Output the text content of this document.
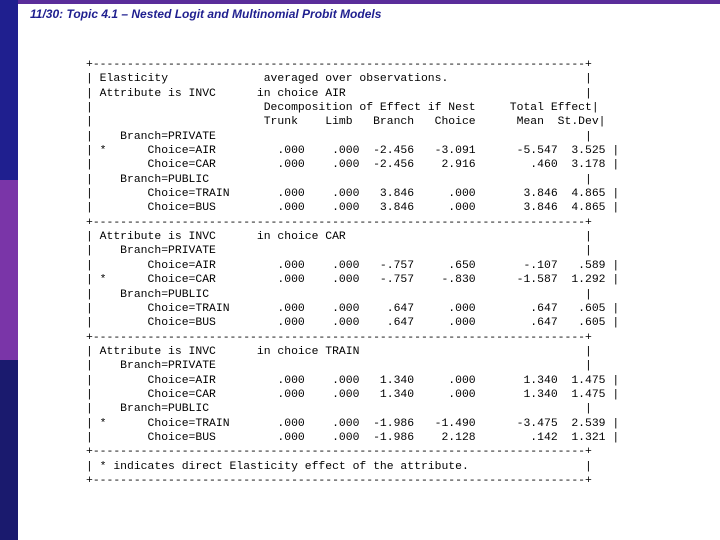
11/30: Topic 4.1 – Nested Logit and Multinomial Probit Models
+------------------------------------------------------------------------+
| Elasticity              averaged over observations.                    |
| Attribute is INVC      in choice AIR                                   |
|                         Decomposition of Effect if Nest     Total Effect|
|                         Trunk    Limb   Branch   Choice      Mean  St.Dev|
|    Branch=PRIVATE                                                      |
| *      Choice=AIR         .000    .000  -2.456   -3.091      -5.547  3.525 |
|        Choice=CAR         .000    .000  -2.456    2.916        .460  3.178 |
|    Branch=PUBLIC                                                       |
|        Choice=TRAIN       .000    .000   3.846     .000       3.846  4.865 |
|        Choice=BUS         .000    .000   3.846     .000       3.846  4.865 |
+------------------------------------------------------------------------+
| Attribute is INVC      in choice CAR                                   |
|    Branch=PRIVATE                                                      |
|        Choice=AIR         .000    .000   -.757     .650       -.107   .589 |
| *      Choice=CAR         .000    .000   -.757    -.830      -1.587  1.292 |
|    Branch=PUBLIC                                                       |
|        Choice=TRAIN       .000    .000    .647     .000        .647   .605 |
|        Choice=BUS         .000    .000    .647     .000        .647   .605 |
+------------------------------------------------------------------------+
| Attribute is INVC      in choice TRAIN                                 |
|    Branch=PRIVATE                                                      |
|        Choice=AIR         .000    .000   1.340     .000       1.340  1.475 |
|        Choice=CAR         .000    .000   1.340     .000       1.340  1.475 |
|    Branch=PUBLIC                                                       |
| *      Choice=TRAIN       .000    .000  -1.986   -1.490      -3.475  2.539 |
|        Choice=BUS         .000    .000  -1.986    2.128        .142  1.321 |
+------------------------------------------------------------------------+
| * indicates direct Elasticity effect of the attribute.                 |
+------------------------------------------------------------------------+
